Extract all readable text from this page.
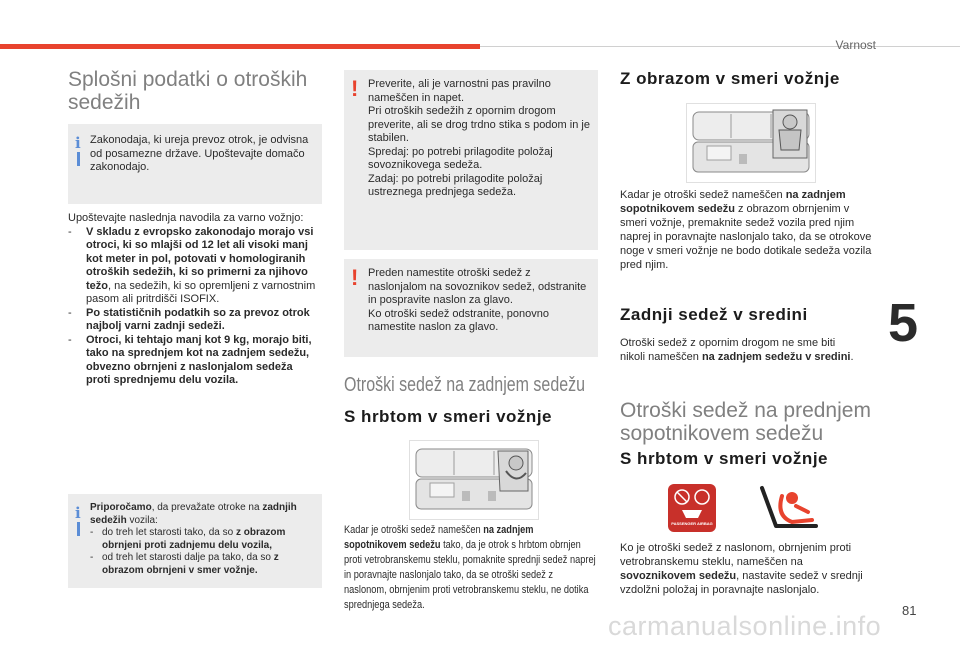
Varnost
5
81
Splošni podatki o otroških sedežih
i Zakonodaja, ki ureja prevoz otrok, je odvisna od posamezne države. Upoštevajte domačo zakonodajo.
Upoštevajte naslednja navodila za varno vožnjo:
- V skladu z evropsko zakonodajo morajo vsi otroci, ki so mlajši od 12 let ali visoki manj kot meter in pol, potovati v homologiranih otroških sedežih, ki so primerni za njihovo težo, na sedežih, ki so opremljeni z varnostnim pasom ali pritrdišči ISOFIX.
- Po statističnih podatkih so za prevoz otrok najbolj varni zadnji sedeži.
- Otroci, ki tehtajo manj kot 9 kg, morajo biti, tako na sprednjem kot na zadnjem sedežu, obvezno obrnjeni z naslonjalom sedeža proti sprednjemu delu vozila.
i Priporočamo, da prevažate otroke na zadnjih sedežih vozila:
- do treh let starosti tako, da so z obrazom obrnjeni proti zadnjemu delu vozila,
- od treh let starosti dalje pa tako, da so z obrazom obrnjeni v smer vožnje.
! Preverite, ali je varnostni pas pravilno nameščen in napet.
Pri otroških sedežih z opornim drogom preverite, ali se drog trdno stika s podom in je stabilen.
Spredaj: po potrebi prilagodite položaj sovoznikovega sedeža.
Zadaj: po potrebi prilagodite položaj ustreznega prednjega sedeža.
! Preden namestite otroški sedež z naslonjalom na sovoznikov sedež, odstranite in pospravite naslon za glavo.
Ko otroški sedež odstranite, ponovno namestite naslon za glavo.
Otroški sedež na zadnjem sedežu
S hrbtom v smeri vožnje
Kadar je otroški sedež nameščen na zadnjem sopotnikovem sedežu tako, da je otrok s hrbtom obrnjen proti vetrobranskemu steklu, pomaknite sprednji sedež naprej in poravnajte naslonjalo tako, da se otroški sedež z naslonom, obrnjenim proti vetrobranskemu steklu, ne dotika sprednjega sedeža.
Z obrazom v smeri vožnje
Kadar je otroški sedež nameščen na zadnjem sopotnikovem sedežu z obrazom obrnjenim v smeri vožnje, premaknite sedež vozila pred njim naprej in poravnajte naslonjalo tako, da se otrokove noge v smeri vožnje ne bodo dotikale sedeža vozila pred njim.
Zadnji sedež v sredini
Otroški sedež z opornim drogom ne sme biti nikoli nameščen na zadnjem sedežu v sredini.
Otroški sedež na prednjem sopotnikovem sedežu
S hrbtom v smeri vožnje
PASSENGER AIRBAG
Ko je otroški sedež z naslonom, obrnjenim proti vetrobranskemu steklu, nameščen na sovoznikovem sedežu, nastavite sedež v srednji vzdolžni položaj in poravnajte naslonjalo.
carmanualsonline.info
